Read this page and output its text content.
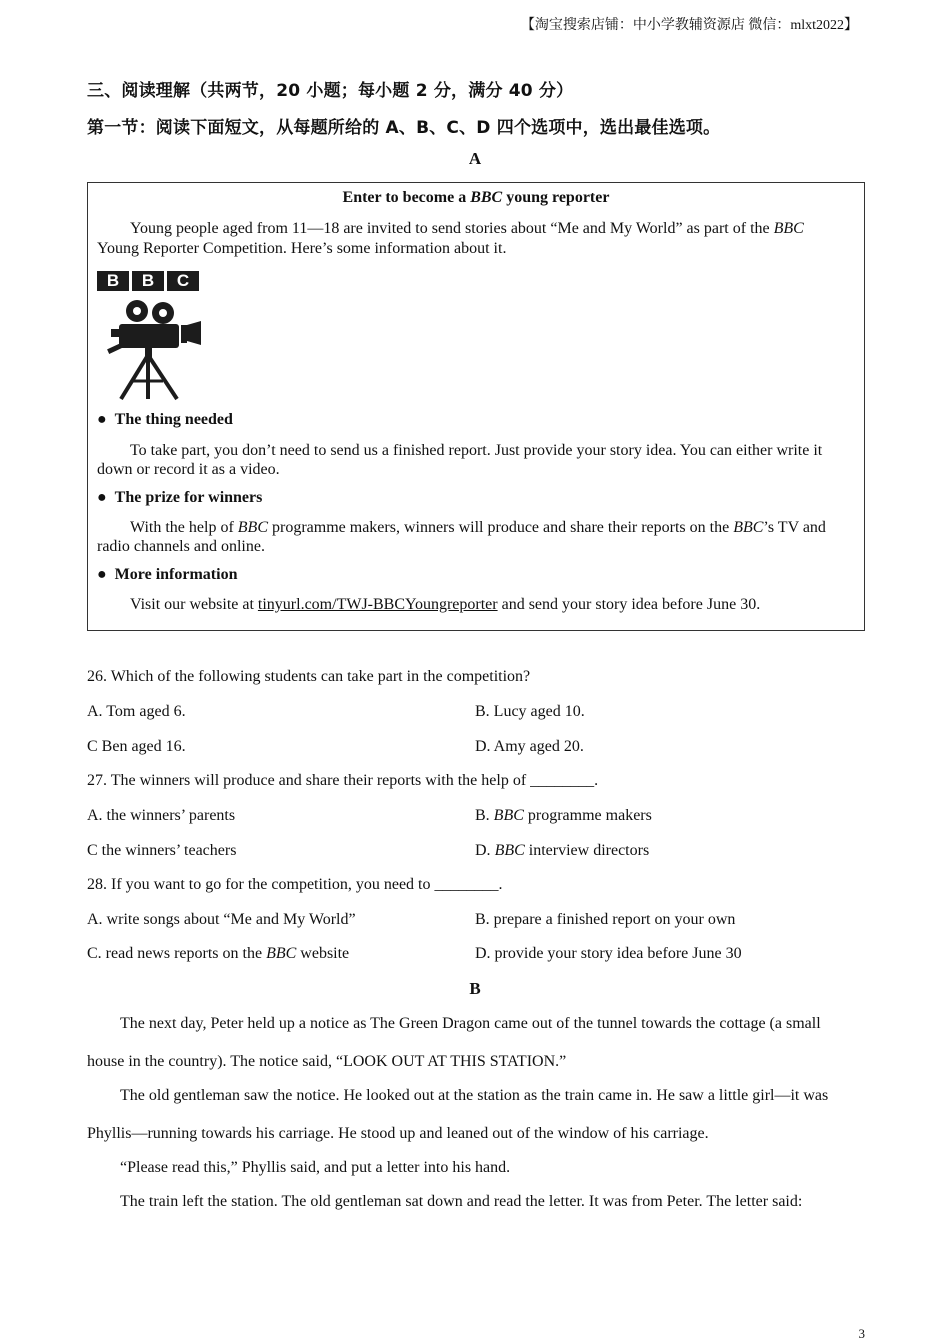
【淘宝搜索店铺：中小学教辅资源店 微信：mlxt2022】
三、阅读理解（共两节，20 小题；每小题 2 分，满分 40 分）
第一节：阅读下面短文，从每题所给的 A、B、C、D 四个选项中，选出最佳选项。
A
Enter to become a BBC young reporter
Young people aged from 11—18 are invited to send stories about “Me and My World” as part of the BBC
Young Reporter Competition. Here’s some information about it.
B	B	C
● The thing needed
To take part, you don’t need to send us a finished report. Just provide your story idea. You can either write it
down or record it as a video.
● The prize for winners
With the help of BBC programme makers, winners will produce and share their reports on the BBC’s TV and
radio channels and online.
● More information
Visit our website at tinyurl.com/TWJ-BBCYoungreporter and send your story idea before June 30.
26. Which of the following students can take part in the competition?
A. Tom aged 6.	B. Lucy aged 10.
C Ben aged 16.	D. Amy aged 20.
27. The winners will produce and share their reports with the help of ________.
A. the winners’ parents	B. BBC programme makers
C the winners’ teachers	D. BBC interview directors
28. If you want to go for the competition, you need to ________.
A. write songs about “Me and My World”	B. prepare a finished report on your own
C. read news reports on the BBC website	D. provide your story idea before June 30
B
The next day, Peter held up a notice as The Green Dragon came out of the tunnel towards the cottage (a small
house in the country). The notice said, “LOOK OUT AT THIS STATION.”
The old gentleman saw the notice. He looked out at the station as the train came in. He saw a little girl—it was
Phyllis—running towards his carriage. He stood up and leaned out of the window of his carriage.
“Please read this,” Phyllis said, and put a letter into his hand.
The train left the station. The old gentleman sat down and read the letter. It was from Peter. The letter said:
3
